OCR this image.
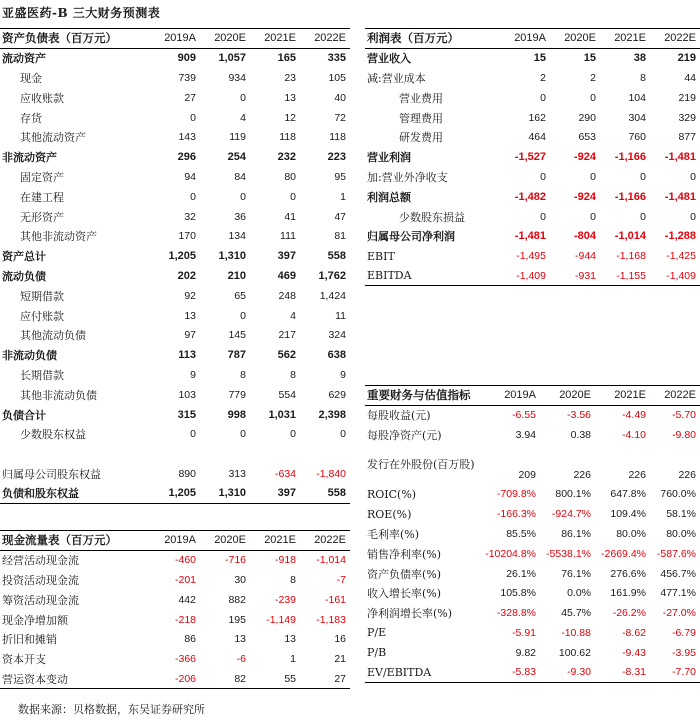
亚盛医药-B 三大财务预测表
资产负债表（百万元）	2019A	2020E	2021E	2022E
流动资产	909	1,057	165	335
现金	739	934	23	105
应收账款	27	0	13	40
存货	0	4	12	72
其他流动资产	143	119	118	118
非流动资产	296	254	232	223
固定资产	94	84	80	95
在建工程	0	0	0	1
无形资产	32	36	41	47
其他非流动资产	170	134	111	81
资产总计	1,205	1,310	397	558
流动负债	202	210	469	1,762
短期借款	92	65	248	1,424
应付账款	13	0	4	11
其他流动负债	97	145	217	324
非流动负债	113	787	562	638
长期借款	9	8	8	9
其他非流动负债	103	779	554	629
负债合计	315	998	1,031	2,398
少数股东权益	0	0	0	0

归属母公司股东权益	890	313	-634	-1,840
负债和股东权益	1,205	1,310	397	558
利润表（百万元）	2019A	2020E	2021E	2022E
营业收入	15	15	38	219
减:营业成本	2	2	8	44
营业费用	0	0	104	219
管理费用	162	290	304	329
研发费用	464	653	760	877
营业利润	-1,527	-924	-1,166	-1,481
加:营业外净收支	0	0	0	0
利润总额	-1,482	-924	-1,166	-1,481
少数股东损益	0	0	0	0
归属母公司净利润	-1,481	-804	-1,014	-1,288
EBIT	-1,495	-944	-1,168	-1,425
EBITDA	-1,409	-931	-1,155	-1,409
重要财务与估值指标	2019A	2020E	2021E	2022E
每股收益(元)	-6.55	-3.56	-4.49	-5.70
每股净资产(元)	3.94	0.38	-4.10	-9.80
发行在外股份(百万股)	209	226	226	226
ROIC(%)	-709.8%	800.1%	647.8%	760.0%
ROE(%)	-166.3%	-924.7%	109.4%	58.1%
毛利率(%)	85.5%	86.1%	80.0%	80.0%
销售净利率(%)	-10204.8%	-5538.1%	-2669.4%	-587.6%
资产负债率(%)	26.1%	76.1%	276.6%	456.7%
收入增长率(%)	105.8%	0.0%	161.9%	477.1%
净利润增长率(%)	-328.8%	45.7%	-26.2%	-27.0%
P/E	-5.91	-10.88	-8.62	-6.79
P/B	9.82	100.62	-9.43	-3.95
EV/EBITDA	-5.83	-9.30	-8.31	-7.70
现金流量表（百万元）	2019A	2020E	2021E	2022E
经营活动现金流	-460	-716	-918	-1,014
投资活动现金流	-201	30	8	-7
筹资活动现金流	442	882	-239	-161
现金净增加额	-218	195	-1,149	-1,183
折旧和摊销	86	13	13	16
资本开支	-366	-6	1	21
营运资本变动	-206	82	55	27
数据来源：贝格数据，东吴证券研究所
